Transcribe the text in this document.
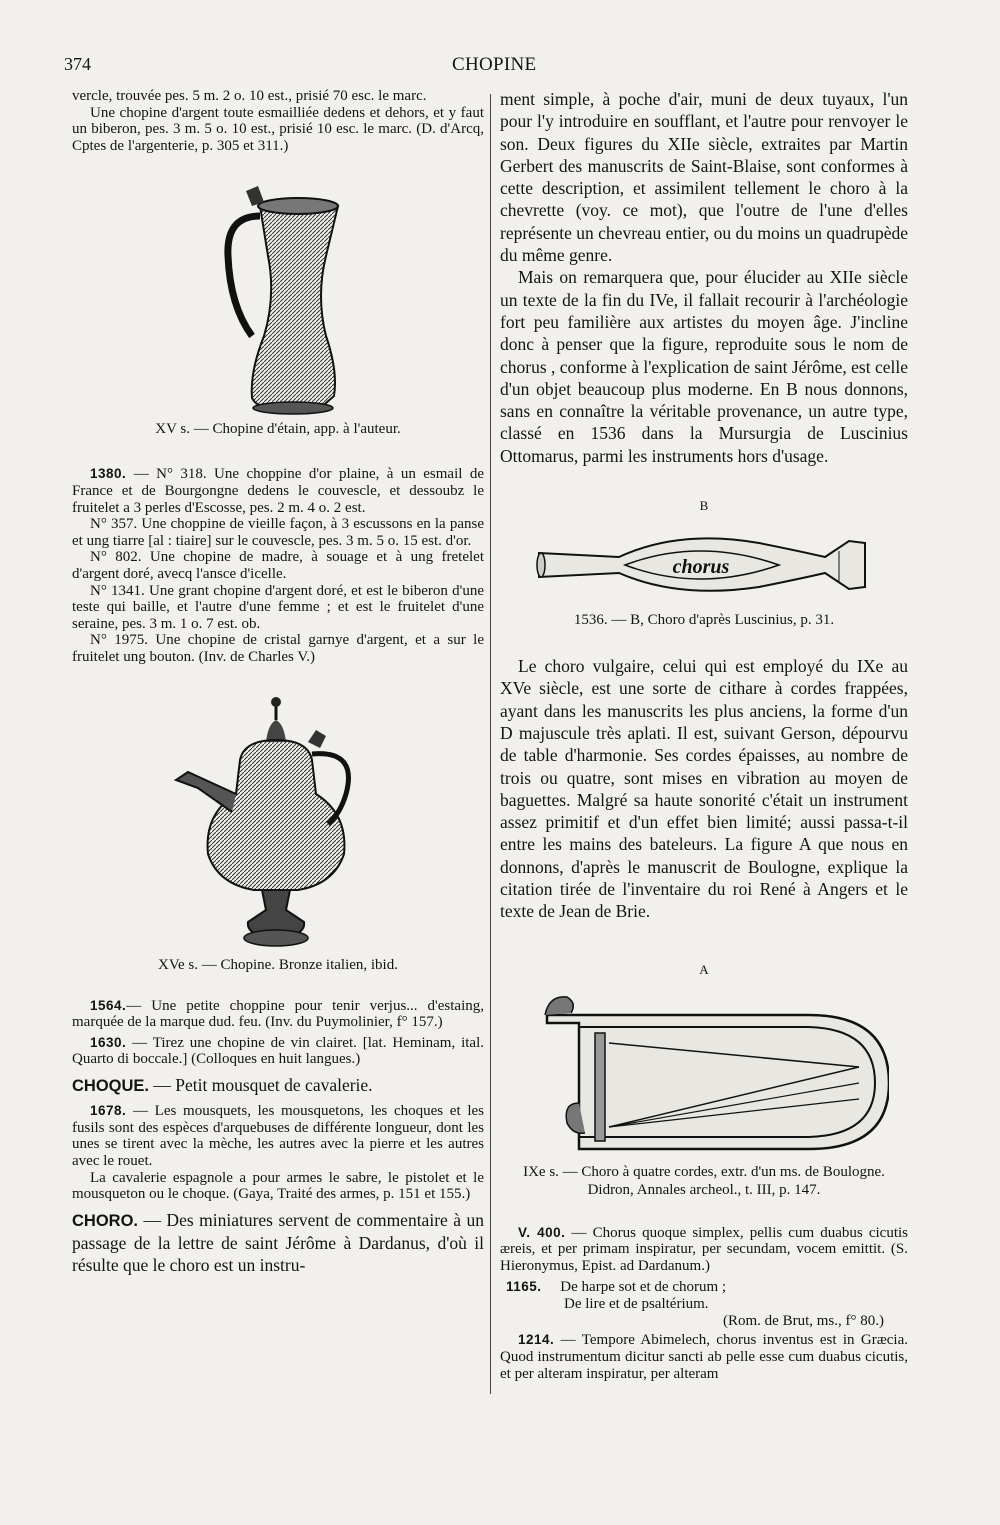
374	CHOPINE

vercle, trouvée pes. 5 m. 2 o. 10 est., prisié 70 esc. le marc.

Une chopine d'argent toute esmailliée dedens et dehors, et y faut un biberon, pes. 3 m. 5 o. 10 est., prisié 10 esc. le marc. (D. d'Arcq, Cptes de l'argenterie, p. 305 et 311.)

XV s. — Chopine d'étain, app. à l'auteur.

1380. — N° 318. Une choppine d'or plaine, à un esmail de France et de Bourgongne dedens le couvescle, et dessoubz le fruitelet a 3 perles d'Escosse, pes. 2 m. 4 o. 2 est.

N° 357. Une choppine de vieille façon, à 3 escussons en la panse et ung tiarre [al : tiaire] sur le couvescle, pes. 3 m. 5 o. 15 est. d'or.

N° 802. Une chopine de madre, à souage et à ung fretelet d'argent doré, avecq l'ansce d'icelle.

N° 1341. Une grant chopine d'argent doré, et est le biberon d'une teste qui baille, et l'autre d'une femme ; et est le fruitelet d'une seraine, pes. 3 m. 1 o. 7 est. ob.

N° 1975. Une chopine de cristal garnye d'argent, et a sur le fruitelet ung bouton. (Inv. de Charles V.)

XVe s. — Chopine. Bronze italien, ibid.

1564.— Une petite choppine pour tenir verjus... d'estaing, marquée de la marque dud. feu. (Inv. du Puymolinier, f° 157.)

1630. — Tirez une chopine de vin clairet. [lat. Heminam, ital. Quarto di boccale.] (Colloques en huit langues.)

CHOQUE. — Petit mousquet de cavalerie.

1678. — Les mousquets, les mousquetons, les choques et les fusils sont des espèces d'arquebuses de différente longueur, dont les unes se tirent avec la mèche, les autres avec la pierre et les autres avec le rouet.

La cavalerie espagnole a pour armes le sabre, le pistolet et le mousqueton ou le choque. (Gaya, Traité des armes, p. 151 et 155.)

CHORO. — Des miniatures servent de commentaire à un passage de la lettre de saint Jérôme à Dardanus, d'où il résulte que le choro est un instru-

ment simple, à poche d'air, muni de deux tuyaux, l'un pour l'y introduire en soufflant, et l'autre pour renvoyer le son. Deux figures du XIIe siècle, extraites par Martin Gerbert des manuscrits de Saint-Blaise, sont conformes à cette description, et assimilent tellement le choro à la chevrette (voy. ce mot), que l'outre de l'une d'elles représente un chevreau entier, ou du moins un quadrupède du même genre.

Mais on remarquera que, pour élucider au XIIe siècle un texte de la fin du IVe, il fallait recourir à l'archéologie fort peu familière aux artistes du moyen âge. J'incline donc à penser que la figure, reproduite sous le nom de chorus , conforme à l'explication de saint Jérôme, est celle d'un objet beaucoup plus moderne. En B nous donnons, sans en connaître la véritable provenance, un autre type, classé en 1536 dans la Mursurgia de Luscinius Ottomarus, parmi les instruments hors d'usage.

B

chorus

1536. — B, Choro d'après Luscinius, p. 31.

Le choro vulgaire, celui qui est employé du IXe au XVe siècle, est une sorte de cithare à cordes frappées, ayant dans les manuscrits les plus anciens, la forme d'un D majuscule très aplati. Il est, suivant Gerson, dépourvu de table d'harmonie. Ses cordes épaisses, au nombre de trois ou quatre, sont mises en vibration au moyen de baguettes. Malgré sa haute sonorité c'était un instrument assez primitif et d'un effet bien limité; aussi passa-t-il entre les mains des bateleurs. La figure A que nous en donnons, d'après le manuscrit de Boulogne, explique la citation tirée de l'inventaire du roi René à Angers et le texte de Jean de Brie.

A

IXe s. — Choro à quatre cordes, extr. d'un ms. de Boulogne. Didron, Annales archeol., t. III, p. 147.

V. 400. — Chorus quoque simplex, pellis cum duabus cicutis æreis, et per primam inspiratur, per secundam, vocem emittit. (S. Hieronymus, Epist. ad Dardanum.)

1165. De harpe sot et de chorum ;

De lire et de psaltérium.

(Rom. de Brut, ms., f° 80.)

1214. — Tempore Abimelech, chorus inventus est in Græcia. Quod instrumentum dicitur sancti ab pelle esse cum duabus cicutis, et per alteram inspiratur, per alteram
